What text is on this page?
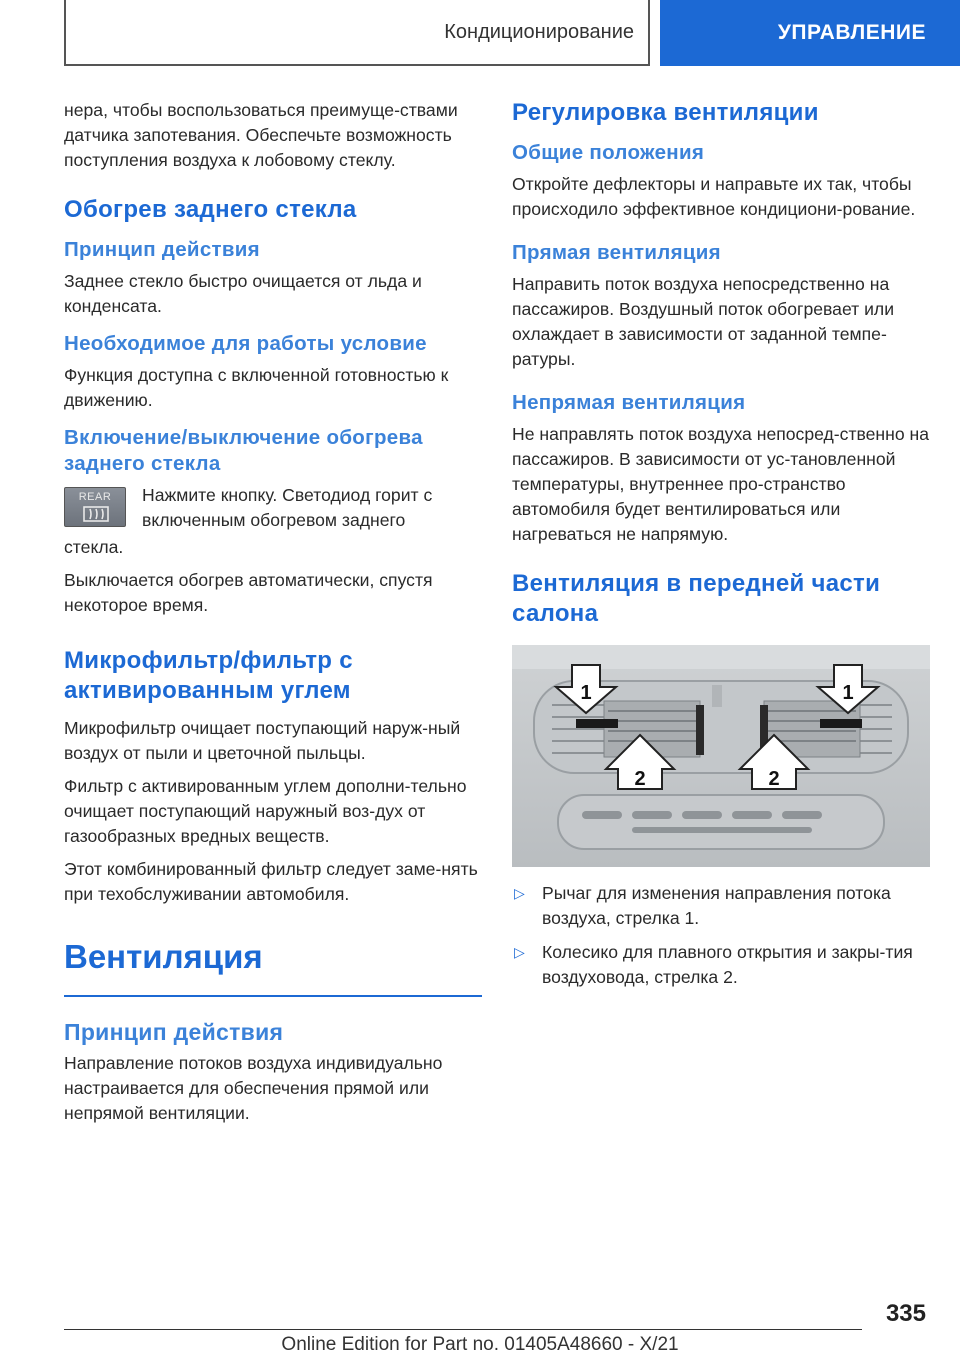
Кондиционирование	УПРАВЛЕНИЕ

нера, чтобы воспользоваться преимуще-ствами датчика запотевания. Обеспечьте возможность поступления воздуха к лобовому стеклу.

Обогрев заднего стекла
Принцип действия

Заднее стекло быстро очищается от льда и конденсата.

Необходимое для работы условие

Функция доступна с включенной готовностью к движению.

Включение/выключение обогрева заднего стекла
REAR	Нажмите кнопку. Светодиод горит с включенным обогревом заднего

стекла.

Выключается обогрев автоматически, спустя некоторое время.

Микрофильтр/фильтр с активированным углем

Микрофильтр очищает поступающий наруж-ный воздух от пыли и цветочной пыльцы.

Фильтр с активированным углем дополни-тельно очищает поступающий наружный воз-дух от газообразных вредных веществ.

Этот комбинированный фильтр следует заме-нять при техобслуживании автомобиля.

Вентиляция
Принцип действия

Направление потоков воздуха индивидуально настраивается для обеспечения прямой или непрямой вентиляции.

Регулировка вентиляции
Общие положения

Откройте дефлекторы и направьте их так, чтобы происходило эффективное кондициони-рование.

Прямая вентиляция

Направить поток воздуха непосредственно на пассажиров. Воздушный поток обогревает или охлаждает в зависимости от заданной темпе-ратуры.

Непрямая вентиляция

Не направлять поток воздуха непосред-ственно на пассажиров. В зависимости от ус-тановленной температуры, внутреннее про-странство автомобиля будет вентилироваться или нагреваться не напрямую.

Вентиляция в передней части салона
1	1
2	2
▷ Рычаг для изменения направления потока воздуха, стрелка 1.
▷ Колесико для плавного открытия и закры-тия воздуховода, стрелка 2.
335
Online Edition for Part no. 01405A48660 - X/21
